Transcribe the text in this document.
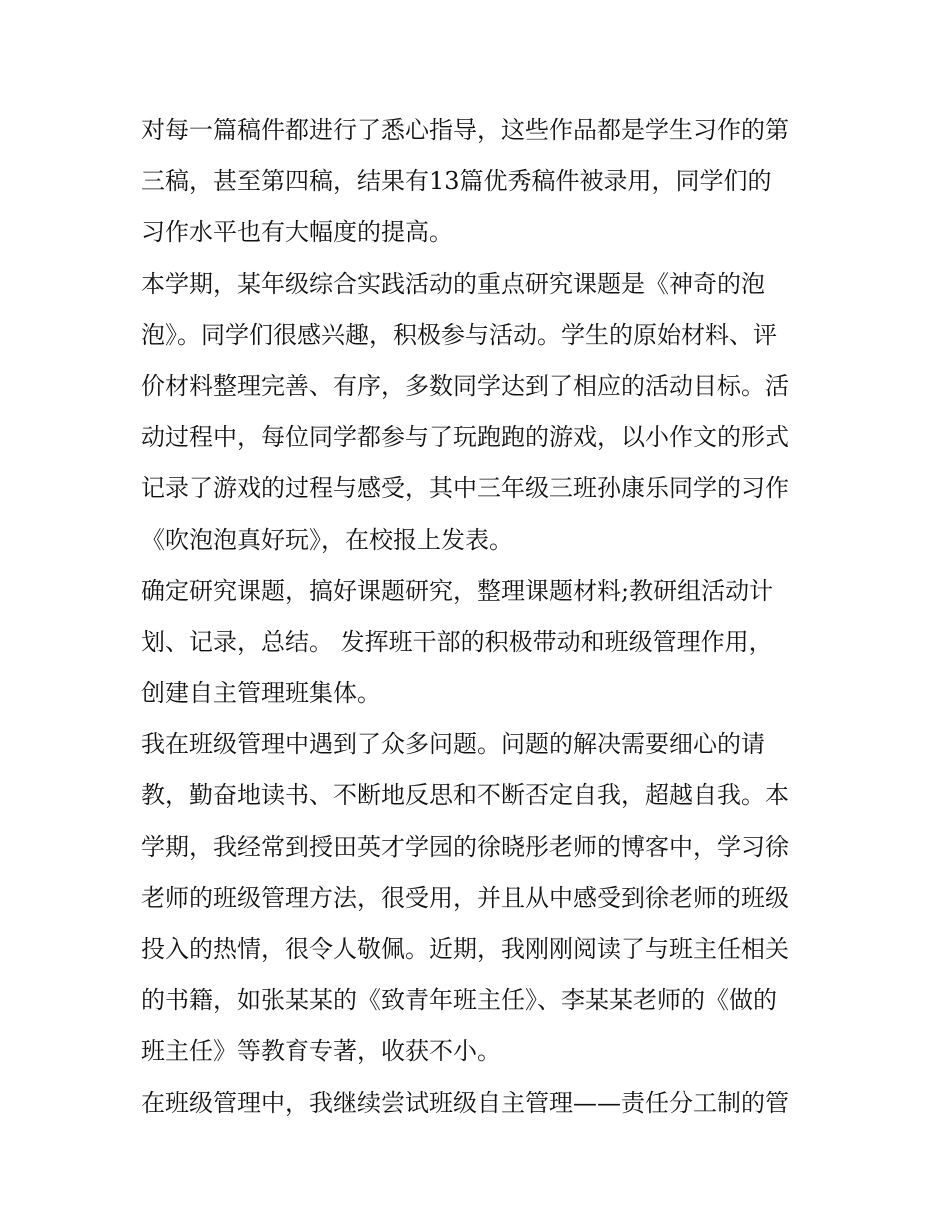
对每一篇稿件都进行了悉心指导，这些作品都是学生习作的第
三稿，甚至第四稿，结果有13篇优秀稿件被录用，同学们的
习作水平也有大幅度的提高。
本学期，某年级综合实践活动的重点研究课题是《神奇的泡
泡》。同学们很感兴趣，积极参与活动。学生的原始材料、评
价材料整理完善、有序，多数同学达到了相应的活动目标。活
动过程中，每位同学都参与了玩跑跑的游戏，以小作文的形式
记录了游戏的过程与感受，其中三年级三班孙康乐同学的习作
《吹泡泡真好玩》，在校报上发表。
确定研究课题，搞好课题研究，整理课题材料;教研组活动计
划、记录，总结。 发挥班干部的积极带动和班级管理作用，
创建自主管理班集体。
我在班级管理中遇到了众多问题。问题的解决需要细心的请
教，勤奋地读书、不断地反思和不断否定自我，超越自我。本
学期，我经常到授田英才学园的徐晓彤老师的博客中，学习徐
老师的班级管理方法，很受用，并且从中感受到徐老师的班级
投入的热情，很令人敬佩。近期，我刚刚阅读了与班主任相关
的书籍，如张某某的《致青年班主任》、李某某老师的《做的
班主任》等教育专著，收获不小。
在班级管理中，我继续尝试班级自主管理——责任分工制的管
